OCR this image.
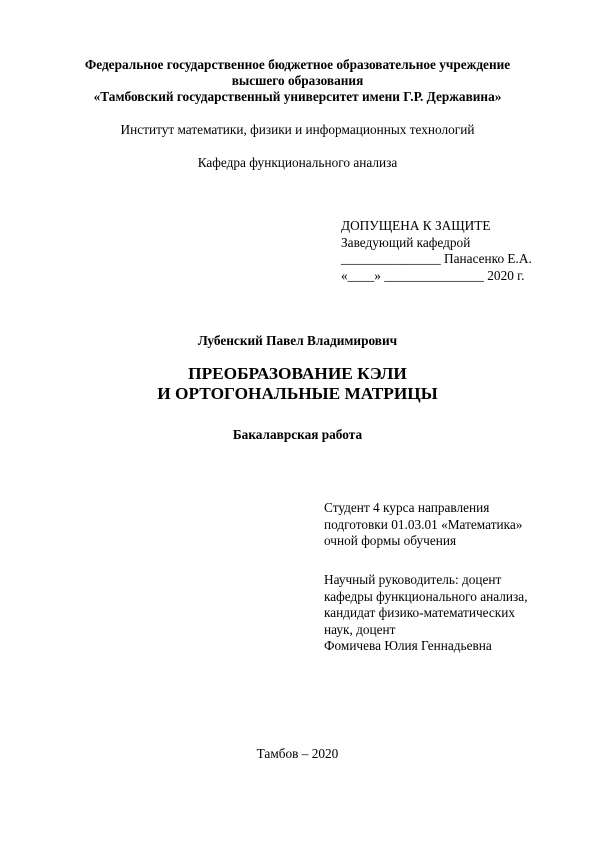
Федеральное государственное бюджетное образовательное учреждение
высшего образования
«Тамбовский государственный университет имени Г.Р. Державина»
Институт математики, физики и информационных технологий
Кафедра функционального анализа
ДОПУЩЕНА К ЗАЩИТЕ
Заведующий кафедрой
_______________ Панасенко Е.А.
«____» _______________ 2020 г.
Лубенский Павел Владимирович
ПРЕОБРАЗОВАНИЕ КЭЛИ
И ОРТОГОНАЛЬНЫЕ МАТРИЦЫ
Бакалаврская работа
Студент 4 курса направления
подготовки 01.03.01 «Математика»
очной формы обучения
Научный руководитель: доцент
кафедры функционального анализа,
кандидат физико-математических
наук, доцент
Фомичева Юлия Геннадьевна
Тамбов – 2020
